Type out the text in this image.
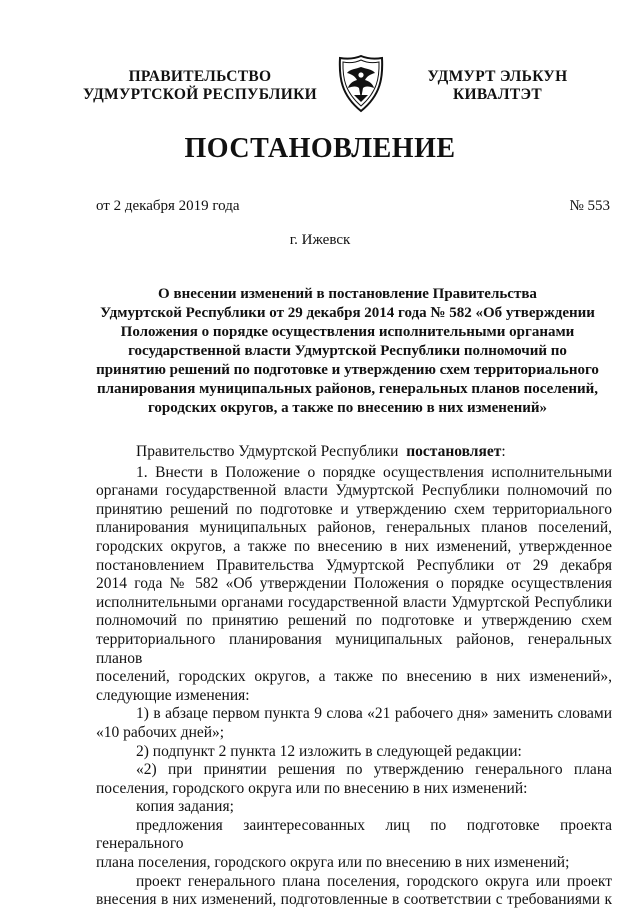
ПРАВИТЕЛЬСТВО
УДМУРТСКОЙ РЕСПУБЛИКИ
УДМУРТ ЭЛЬКУН
КИВАЛТЭТ
ПОСТАНОВЛЕНИЕ
от 2 декабря 2019 года	№ 553
г. Ижевск
О внесении изменений в постановление Правительства
Удмуртской Республики от 29 декабря 2014 года № 582 «Об утверждении
Положения о порядке осуществления исполнительными органами
государственной власти Удмуртской Республики полномочий по
принятию решений по подготовке и утверждению схем территориального
планирования муниципальных районов, генеральных планов поселений,
городских округов, а также по внесению в них изменений»

Правительство Удмуртской Республики постановляет:

1. Внести в Положение о порядке осуществления исполнительными

органами государственной власти Удмуртской Республики полномочий по

принятию решений по подготовке и утверждению схем территориального

планирования муниципальных районов, генеральных планов поселений,

городских округов, а также по внесению в них изменений, утвержденное

постановлением Правительства Удмуртской Республики от 29 декабря

2014 года № 582 «Об утверждении Положения о порядке осуществления

исполнительными органами государственной власти Удмуртской Республики

полномочий по принятию решений по подготовке и утверждению схем

территориального планирования муниципальных районов, генеральных планов

поселений, городских округов, а также по внесению в них изменений»,

следующие изменения:

1) в абзаце первом пункта 9 слова «21 рабочего дня» заменить словами

«10 рабочих дней»;

2) подпункт 2 пункта 12 изложить в следующей редакции:

«2) при принятии решения по утверждению генерального плана

поселения, городского округа или по внесению в них изменений:

копия задания;

предложения заинтересованных лиц по подготовке проекта генерального

плана поселения, городского округа или по внесению в них изменений;

проект генерального плана поселения, городского округа или проект

внесения в них изменений, подготовленные в соответствии с требованиями к
